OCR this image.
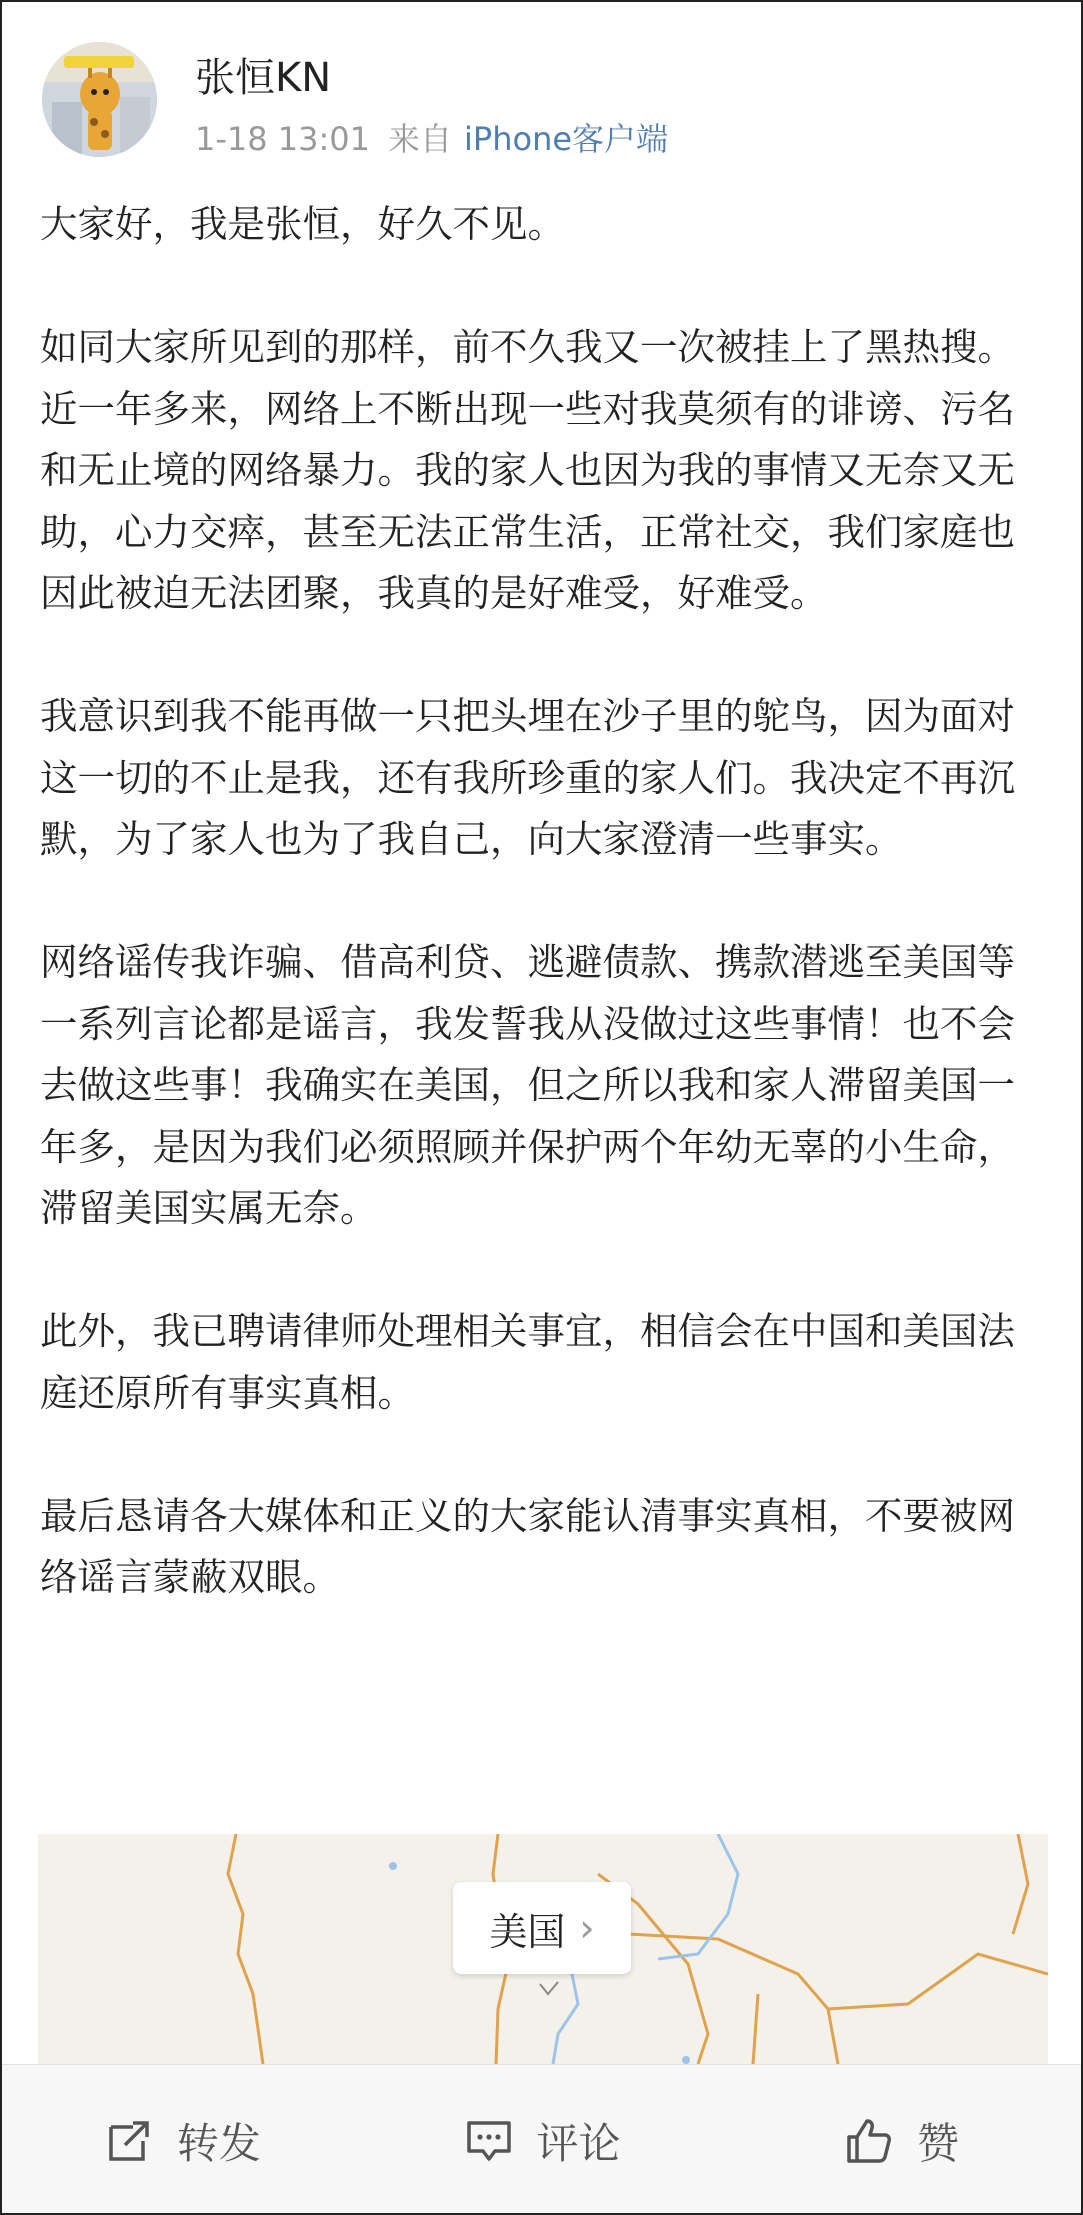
张恒KN
1-18 13:01 来自 iPhone客户端

大家好，我是张恒，好久不见。

如同大家所见到的那样，前不久我又一次被挂上了黑热搜。近一年多来，网络上不断出现一些对我莫须有的诽谤、污名和无止境的网络暴力。我的家人也因为我的事情又无奈又无助，心力交瘁，甚至无法正常生活，正常社交，我们家庭也因此被迫无法团聚，我真的是好难受，好难受。

我意识到我不能再做一只把头埋在沙子里的鸵鸟，因为面对这一切的不止是我，还有我所珍重的家人们。我决定不再沉默，为了家人也为了我自己，向大家澄清一些事实。

网络谣传我诈骗、借高利贷、逃避债款、携款潜逃至美国等一系列言论都是谣言，我发誓我从没做过这些事情！也不会去做这些事！我确实在美国，但之所以我和家人滞留美国一年多，是因为我们必须照顾并保护两个年幼无辜的小生命，滞留美国实属无奈。

此外，我已聘请律师处理相关事宜，相信会在中国和美国法庭还原所有事实真相。

最后恳请各大媒体和正义的大家能认清事实真相，不要被网络谣言蒙蔽双眼。

美国 ›
转发	评论	赞
